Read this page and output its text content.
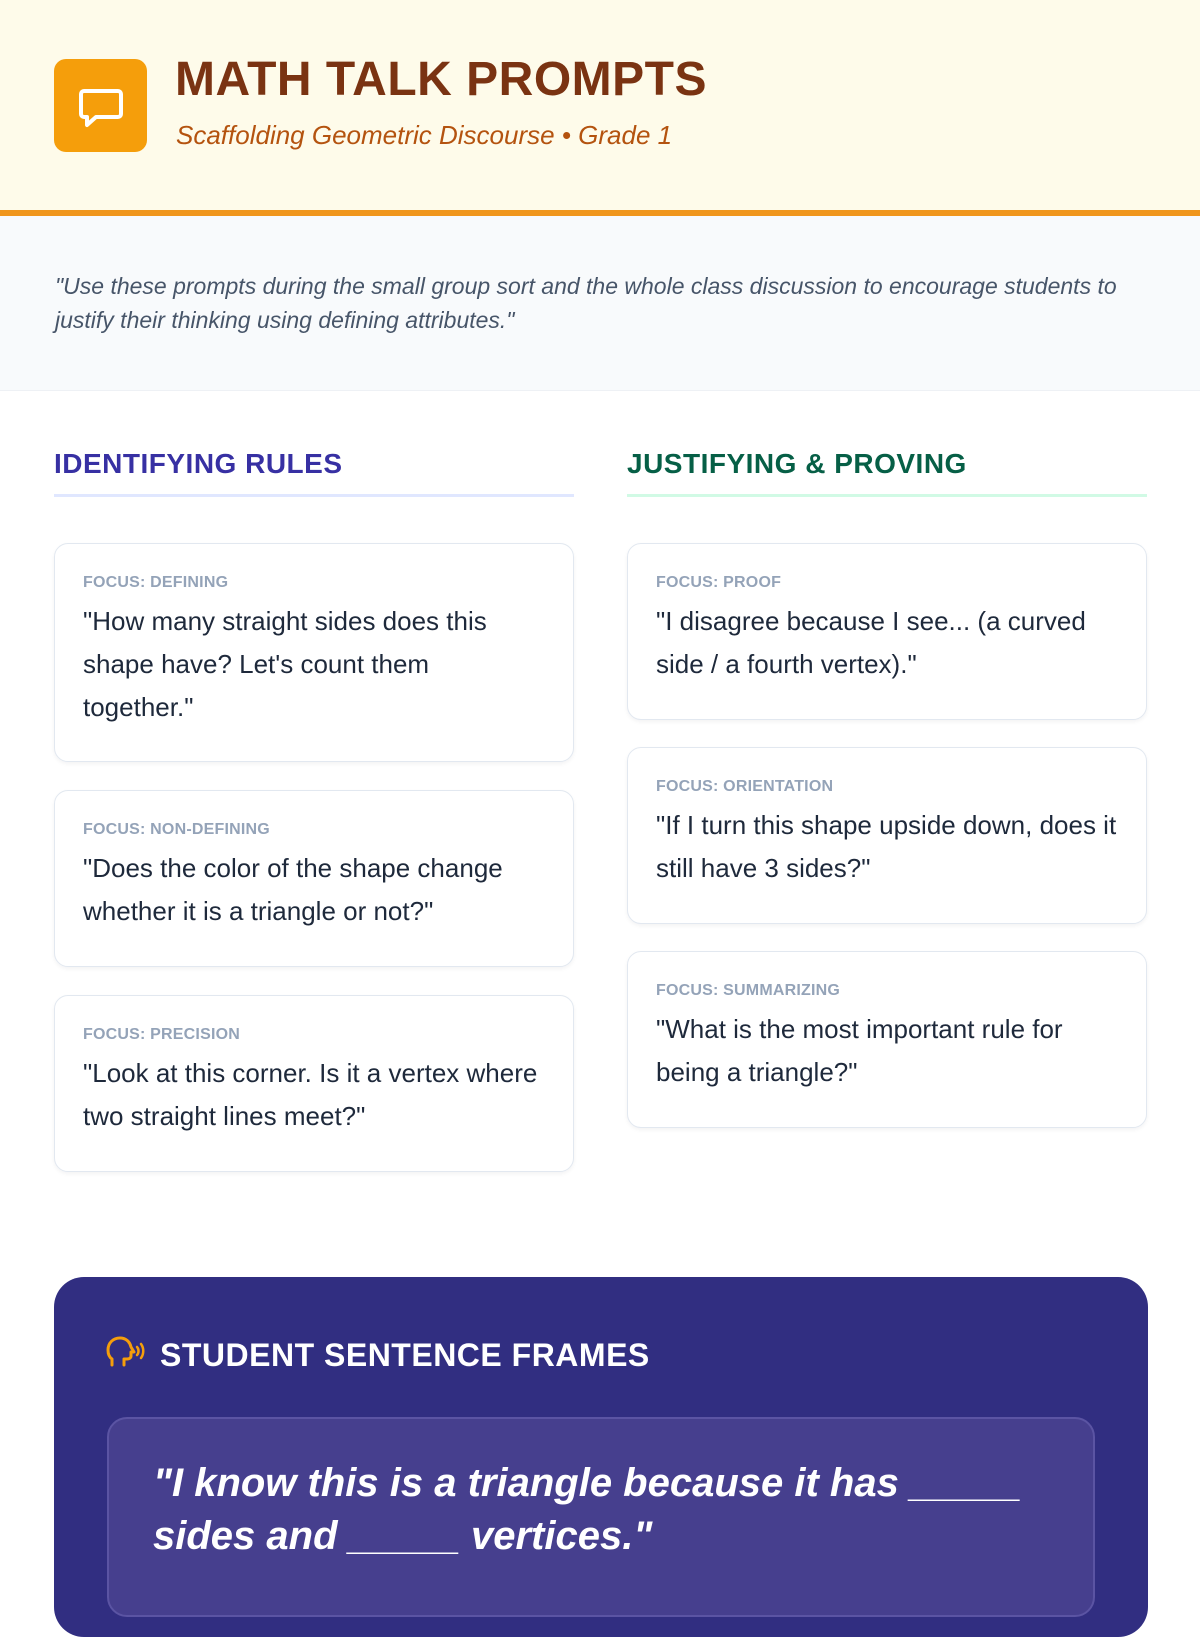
MATH TALK PROMPTS
Scaffolding Geometric Discourse • Grade 1
"Use these prompts during the small group sort and the whole class discussion to encourage students to justify their thinking using defining attributes."
IDENTIFYING RULES
FOCUS: DEFINING
"How many straight sides does this shape have? Let's count them together."
FOCUS: NON-DEFINING
"Does the color of the shape change whether it is a triangle or not?"
FOCUS: PRECISION
"Look at this corner. Is it a vertex where two straight lines meet?"
JUSTIFYING & PROVING
FOCUS: PROOF
"I disagree because I see... (a curved side / a fourth vertex)."
FOCUS: ORIENTATION
"If I turn this shape upside down, does it still have 3 sides?"
FOCUS: SUMMARIZING
"What is the most important rule for being a triangle?"
STUDENT SENTENCE FRAMES
"I know this is a triangle because it has _____ sides and _____ vertices."
